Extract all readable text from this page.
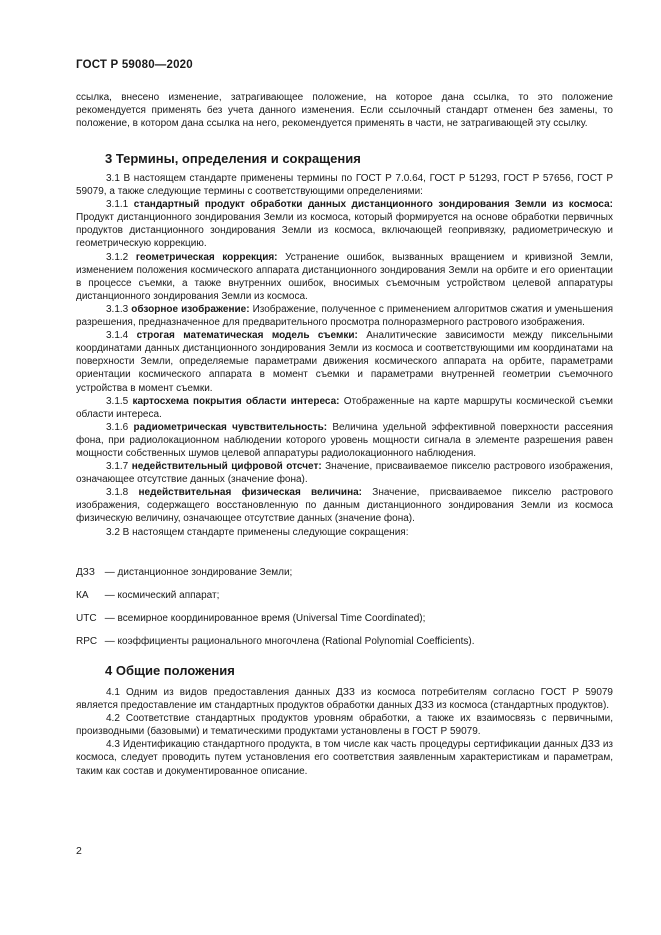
ГОСТ Р 59080—2020

ссылка, внесено изменение, затрагивающее положение, на которое дана ссылка, то это положение рекомендуется применять без учета данного изменения. Если ссылочный стандарт отменен без замены, то положение, в котором дана ссылка на него, рекомендуется применять в части, не затрагивающей эту ссылку.

3 Термины, определения и сокращения

3.1 В настоящем стандарте применены термины по ГОСТ Р 7.0.64, ГОСТ Р 51293, ГОСТ Р 57656, ГОСТ Р 59079, а также следующие термины с соответствующими определениями:

3.1.1 стандартный продукт обработки данных дистанционного зондирования Земли из космоса: Продукт дистанционного зондирования Земли из космоса, который формируется на основе обработки первичных продуктов дистанционного зондирования Земли из космоса, включающей геопривязку, радиометрическую и геометрическую коррекцию.

3.1.2 геометрическая коррекция: Устранение ошибок, вызванных вращением и кривизной Земли, изменением положения космического аппарата дистанционного зондирования Земли на орбите и его ориентации в процессе съемки, а также внутренних ошибок, вносимых съемочным устройством целевой аппаратуры дистанционного зондирования Земли из космоса.

3.1.3 обзорное изображение: Изображение, полученное с применением алгоритмов сжатия и уменьшения разрешения, предназначенное для предварительного просмотра полноразмерного растрового изображения.

3.1.4 строгая математическая модель съемки: Аналитические зависимости между пиксельными координатами данных дистанционного зондирования Земли из космоса и соответствующими им координатами на поверхности Земли, определяемые параметрами движения космического аппарата на орбите, параметрами ориентации космического аппарата в момент съемки и параметрами внутренней геометрии съемочного устройства в момент съемки.

3.1.5 картосхема покрытия области интереса: Отображенные на карте маршруты космической съемки области интереса.

3.1.6 радиометрическая чувствительность: Величина удельной эффективной поверхности рассеяния фона, при радиолокационном наблюдении которого уровень мощности сигнала в элементе разрешения равен мощности собственных шумов целевой аппаратуры радиолокационного наблюдения.

3.1.7 недействительный цифровой отсчет: Значение, присваиваемое пикселю растрового изображения, означающее отсутствие данных (значение фона).

3.1.8 недействительная физическая величина: Значение, присваиваемое пикселю растрового изображения, содержащего восстановленную по данным дистанционного зондирования Земли из космоса физическую величину, означающее отсутствие данных (значение фона).

3.2 В настоящем стандарте применены следующие сокращения:

ДЗЗ — дистанционное зондирование Земли;
КА — космический аппарат;
UTC — всемирное координированное время (Universal Time Coordinated);
RPC — коэффициенты рационального многочлена (Rational Polynomial Coefficients).
4 Общие положения

4.1 Одним из видов предоставления данных ДЗЗ из космоса потребителям согласно ГОСТ Р 59079 является предоставление им стандартных продуктов обработки данных ДЗЗ из космоса (стандартных продуктов).

4.2 Соответствие стандартных продуктов уровням обработки, а также их взаимосвязь с первичными, производными (базовыми) и тематическими продуктами установлены в ГОСТ Р 59079.

4.3 Идентификацию стандартного продукта, в том числе как часть процедуры сертификации данных ДЗЗ из космоса, следует проводить путем установления его соответствия заявленным характеристикам и параметрам, таким как состав и документированное описание.

2
